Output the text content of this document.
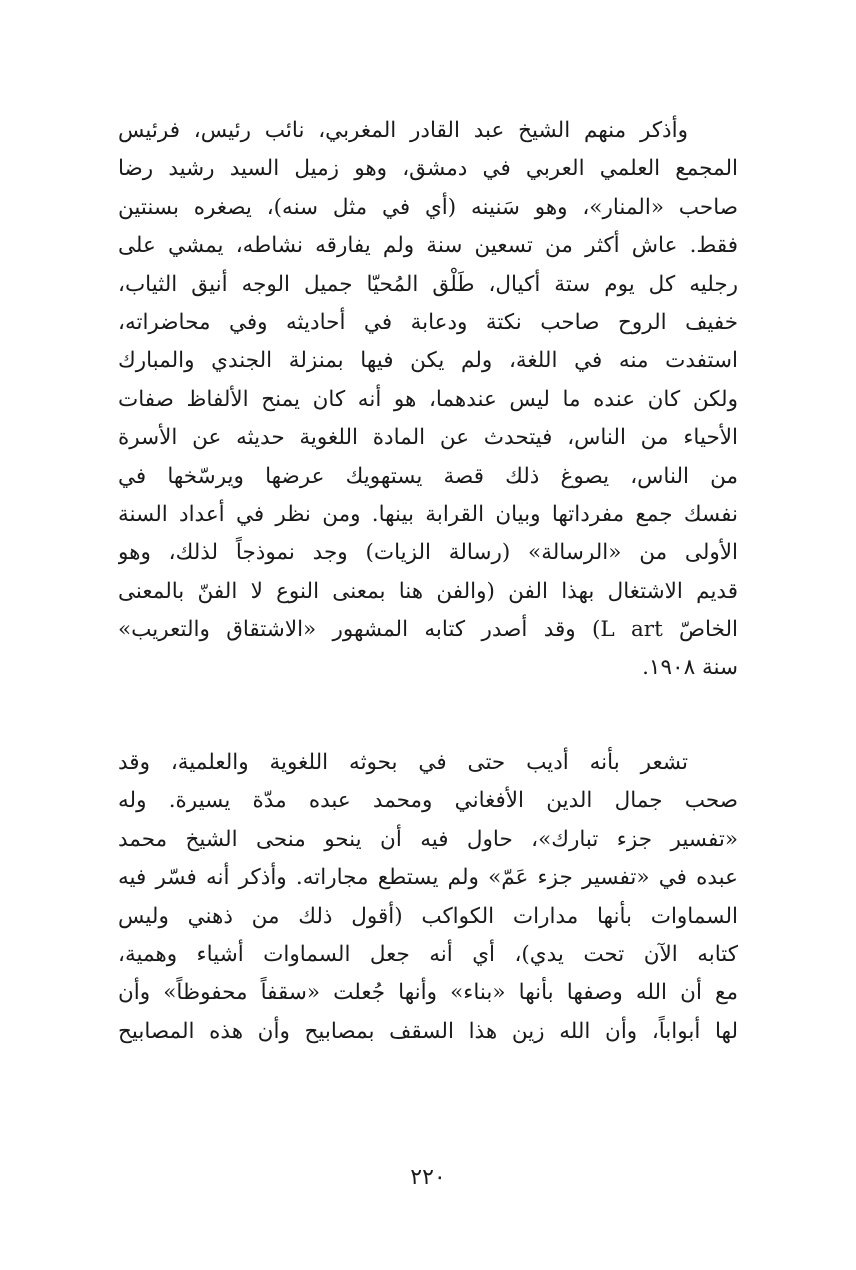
وأذكر منهم الشيخ عبد القادر المغربي، نائب رئيس، فرئيس
المجمع العلمي العربي في دمشق، وهو زميل السيد رشيد رضا
صاحب «المنار»، وهو سَنينه (أي في مثل سنه)، يصغره بسنتين
فقط. عاش أكثر من تسعين سنة ولم يفارقه نشاطه، يمشي على
رجليه كل يوم ستة أكيال، طَلْق المُحيّا جميل الوجه أنيق الثياب،
خفيف الروح صاحب نكتة ودعابة في أحاديثه وفي محاضراته،
استفدت منه في اللغة، ولم يكن فيها بمنزلة الجندي والمبارك
ولكن كان عنده ما ليس عندهما، هو أنه كان يمنح الألفاظ صفات
الأحياء من الناس، فيتحدث عن المادة اللغوية حديثه عن الأسرة
من الناس، يصوغ ذلك قصة يستهويك عرضها ويرسّخها في
نفسك جمع مفرداتها وبيان القرابة بينها. ومن نظر في أعداد السنة
الأولى من «الرسالة» (رسالة الزيات) وجد نموذجاً لذلك، وهو
قديم الاشتغال بهذا الفن (والفن هنا بمعنى النوع لا الفنّ بالمعنى
الخاصّ L art) وقد أصدر كتابه المشهور «الاشتقاق والتعريب»
سنة ١٩٠٨.
تشعر بأنه أديب حتى في بحوثه اللغوية والعلمية، وقد
صحب جمال الدين الأفغاني ومحمد عبده مدّة يسيرة. وله
«تفسير جزء تبارك»، حاول فيه أن ينحو منحى الشيخ محمد
عبده في «تفسير جزء عَمّ» ولم يستطع مجاراته. وأذكر أنه فسّر فيه
السماوات بأنها مدارات الكواكب (أقول ذلك من ذهني وليس
كتابه الآن تحت يدي)، أي أنه جعل السماوات أشياء وهمية،
مع أن الله وصفها بأنها «بناء» وأنها جُعلت «سقفاً محفوظاً» وأن
لها أبواباً، وأن الله زين هذا السقف بمصابيح وأن هذه المصابيح
٢٢٠
